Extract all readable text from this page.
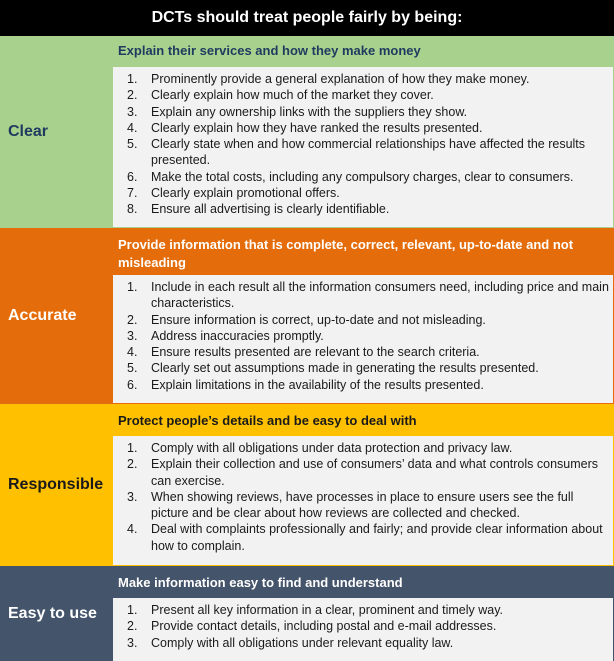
DCTs should treat people fairly by being:
Clear
Explain their services and how they make money
1.	Prominently provide a general explanation of how they make money.
2.	Clearly explain how much of the market they cover.
3.	Explain any ownership links with the suppliers they show.
4.	Clearly explain how they have ranked the results presented.
5.	Clearly state when and how commercial relationships have affected the results presented.
6.	Make the total costs, including any compulsory charges, clear to consumers.
7.	Clearly explain promotional offers.
8.	Ensure all advertising is clearly identifiable.
Accurate
Provide information that is complete, correct, relevant, up-to-date and not misleading
1.	Include in each result all the information consumers need, including price and main characteristics.
2.	Ensure information is correct, up-to-date and not misleading.
3.	Address inaccuracies promptly.
4.	Ensure results presented are relevant to the search criteria.
5.	Clearly set out assumptions made in generating the results presented.
6.	Explain limitations in the availability of the results presented.
Responsible
Protect people’s details and be easy to deal with
1.	Comply with all obligations under data protection and privacy law.
2.	Explain their collection and use of consumers’ data and what controls consumers can exercise.
3.	When showing reviews, have processes in place to ensure users see the full picture and be clear about how reviews are collected and checked.
4.	Deal with complaints professionally and fairly; and provide clear information about how to complain.
Easy to use
Make information easy to find and understand
1.	Present all key information in a clear, prominent and timely way.
2.	Provide contact details, including postal and e-mail addresses.
3.	Comply with all obligations under relevant equality law.
